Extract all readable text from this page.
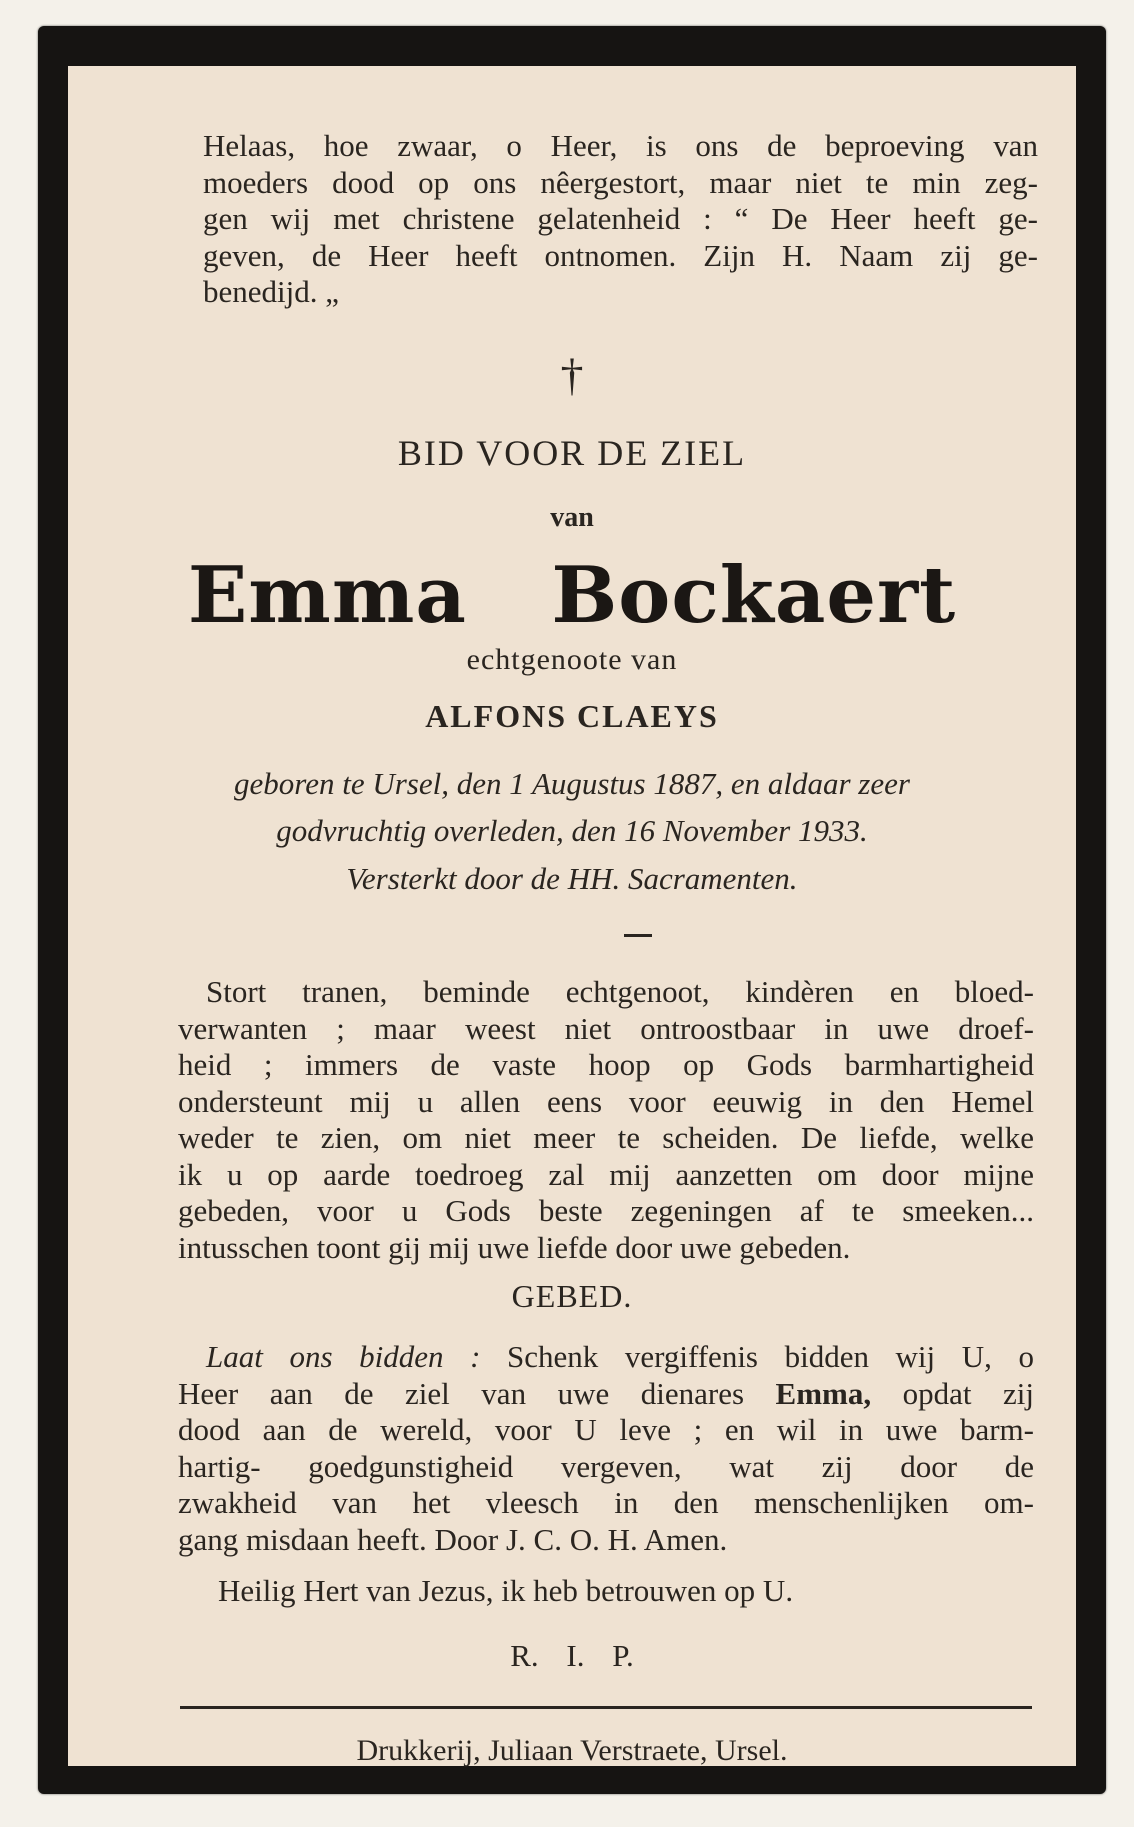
Helaas, hoe zwaar, o Heer, is ons de beproeving van
moeders dood op ons nêergestort, maar niet te min zeg-
gen wij met christene gelatenheid : “ De Heer heeft ge-
geven, de Heer heeft ontnomen. Zijn H. Naam zij ge-
benedijd. „

†

BID VOOR DE ZIEL

van

Emma   Bockaert

echtgenoote van

ALFONS CLAEYS

geboren te Ursel, den 1 Augustus 1887, en aldaar zeer

godvruchtig overleden, den 16 November 1933.

Versterkt door de HH. Sacramenten.

Stort tranen, beminde echtgenoot, kindèren en bloed-
verwanten ; maar weest niet ontroostbaar in uwe droef-
heid ; immers de vaste hoop op Gods barmhartigheid
ondersteunt mij u allen eens voor eeuwig in den Hemel
weder te zien, om niet meer te scheiden. De liefde, welke
ik u op aarde toedroeg zal mij aanzetten om door mijne
gebeden, voor u Gods beste zegeningen af te smeeken...
intusschen toont gij mij uwe liefde door uwe gebeden.

GEBED.

Laat ons bidden : Schenk vergiffenis bidden wij U, o
Heer aan de ziel van uwe dienares Emma, opdat zij
dood aan de wereld, voor U leve ; en wil in uwe barm-
hartig- goedgunstigheid vergeven, wat zij door de
zwakheid van het vleesch in den menschenlijken om-
gang misdaan heeft. Door J. C. O. H. Amen.

Heilig Hert van Jezus, ik heb betrouwen op U.

R. I. P.

Drukkerij, Juliaan Verstraete, Ursel.
